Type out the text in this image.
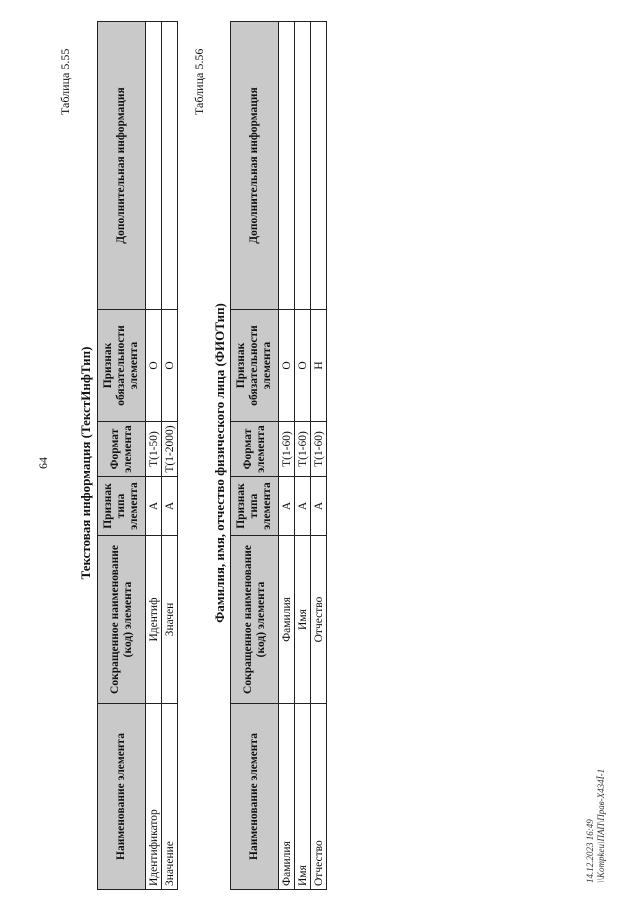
64
Таблица 5.55
Текстовая информация (ТекстИнфТип)
Наименование элемента	Сокращенное наименование (код) элемента	Признак типа элемента	Формат элемента	Признак обязательности элемента	Дополнительная информация
Идентификатор	Идентиф	А	T(1-50)	О	
Значение	Значен	А	T(1-2000)	О	
Таблица 5.56
Фамилия, имя, отчество физического лица (ФИОТип)
Наименование элемента	Сокращенное наименование (код) элемента	Признак типа элемента	Формат элемента	Признак обязательности элемента	Дополнительная информация
Фамилия	Фамилия	А	T(1-60)	О	
Имя	Имя	А	T(1-60)	О	
Отчество	Отчество	А	T(1-60)	Н	
14.12.2023 16:49 \\Kompkeu\ПАП\Прав-X434Ī-1
